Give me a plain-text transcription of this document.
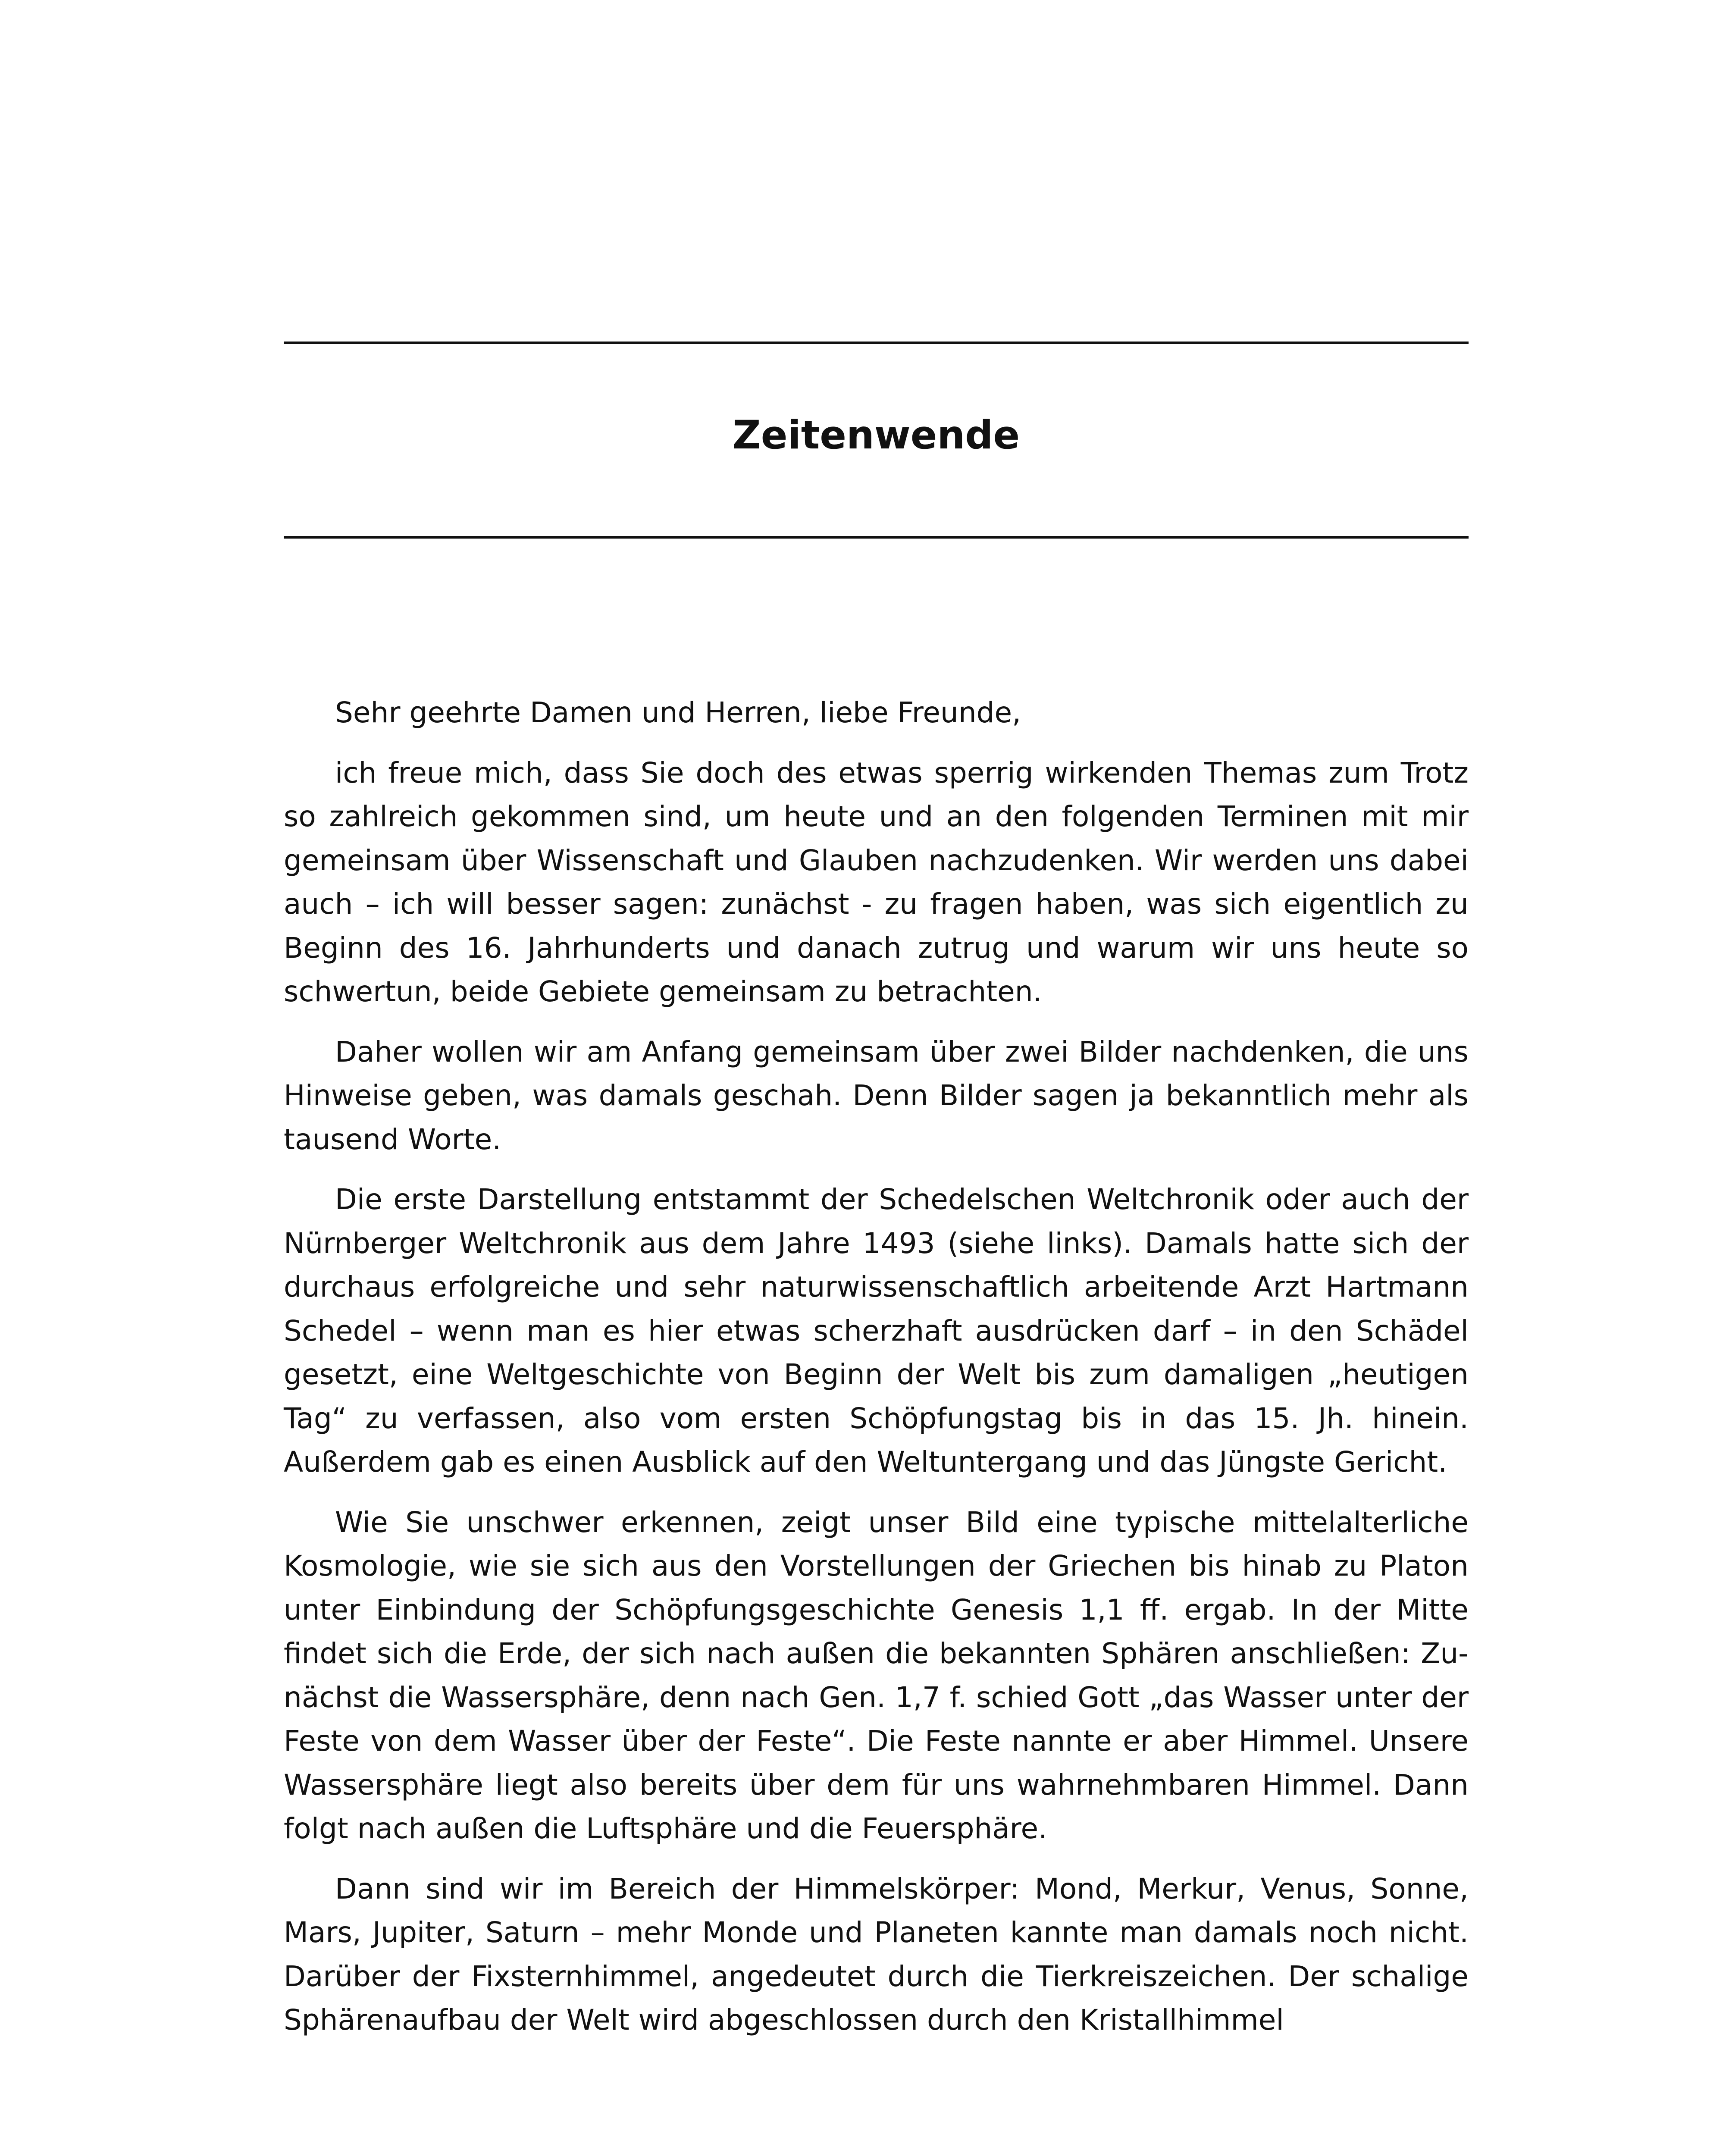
Zeitenwende

Sehr geehrte Damen und Herren, liebe Freunde,

ich freue mich, dass Sie doch des etwas sperrig wirkenden Themas zum Trotz so zahlreich gekommen sind, um heute und an den folgenden Terminen mit mir gemeinsam über Wissenschaft und Glauben nachzudenken. Wir werden uns dabei auch – ich will besser sagen: zunächst - zu fragen haben, was sich eigentlich zu Beginn des 16. Jahrhunderts und danach zutrug und warum wir uns heute so schwertun, beide Gebiete gemeinsam zu betrachten.

Daher wollen wir am Anfang gemeinsam über zwei Bilder nachdenken, die uns Hinweise geben, was damals geschah. Denn Bilder sagen ja bekanntlich mehr als tausend Worte.

Die erste Darstellung entstammt der Schedelschen Weltchronik oder auch der Nürnberger Weltchronik aus dem Jahre 1493 (siehe links). Damals hatte sich der durchaus erfolgreiche und sehr naturwissenschaftlich arbeitende Arzt Hartmann Schedel – wenn man es hier etwas scherzhaft ausdrücken darf – in den Schädel gesetzt, eine Weltgeschichte von Beginn der Welt bis zum damaligen „heutigen Tag“ zu verfassen, also vom ersten Schöpfungstag bis in das 15. Jh. hinein. Außerdem gab es einen Ausblick auf den Weltuntergang und das Jüngste Gericht.

Wie Sie unschwer erkennen, zeigt unser Bild eine typische mittelalterliche Kosmologie, wie sie sich aus den Vorstellungen der Griechen bis hinab zu Platon unter Einbindung der Schöpfungsgeschichte Genesis 1,1 ff. ergab. In der Mitte findet sich die Erde, der sich nach außen die bekannten Sphären anschließen: Zunächst die Wassersphäre, denn nach Gen. 1,7 f. schied Gott „das Wasser unter der Feste von dem Wasser über der Feste“. Die Feste nannte er aber Himmel. Unsere Wassersphäre liegt also bereits über dem für uns wahrnehmbaren Himmel. Dann folgt nach außen die Luftsphäre und die Feuersphäre.

Dann sind wir im Bereich der Himmelskörper: Mond, Merkur, Venus, Sonne, Mars, Jupiter, Saturn – mehr Monde und Planeten kannte man damals noch nicht. Darüber der Fixsternhimmel, angedeutet durch die Tierkreiszeichen. Der schalige Sphärenaufbau der Welt wird abgeschlossen durch den Kristallhimmel
